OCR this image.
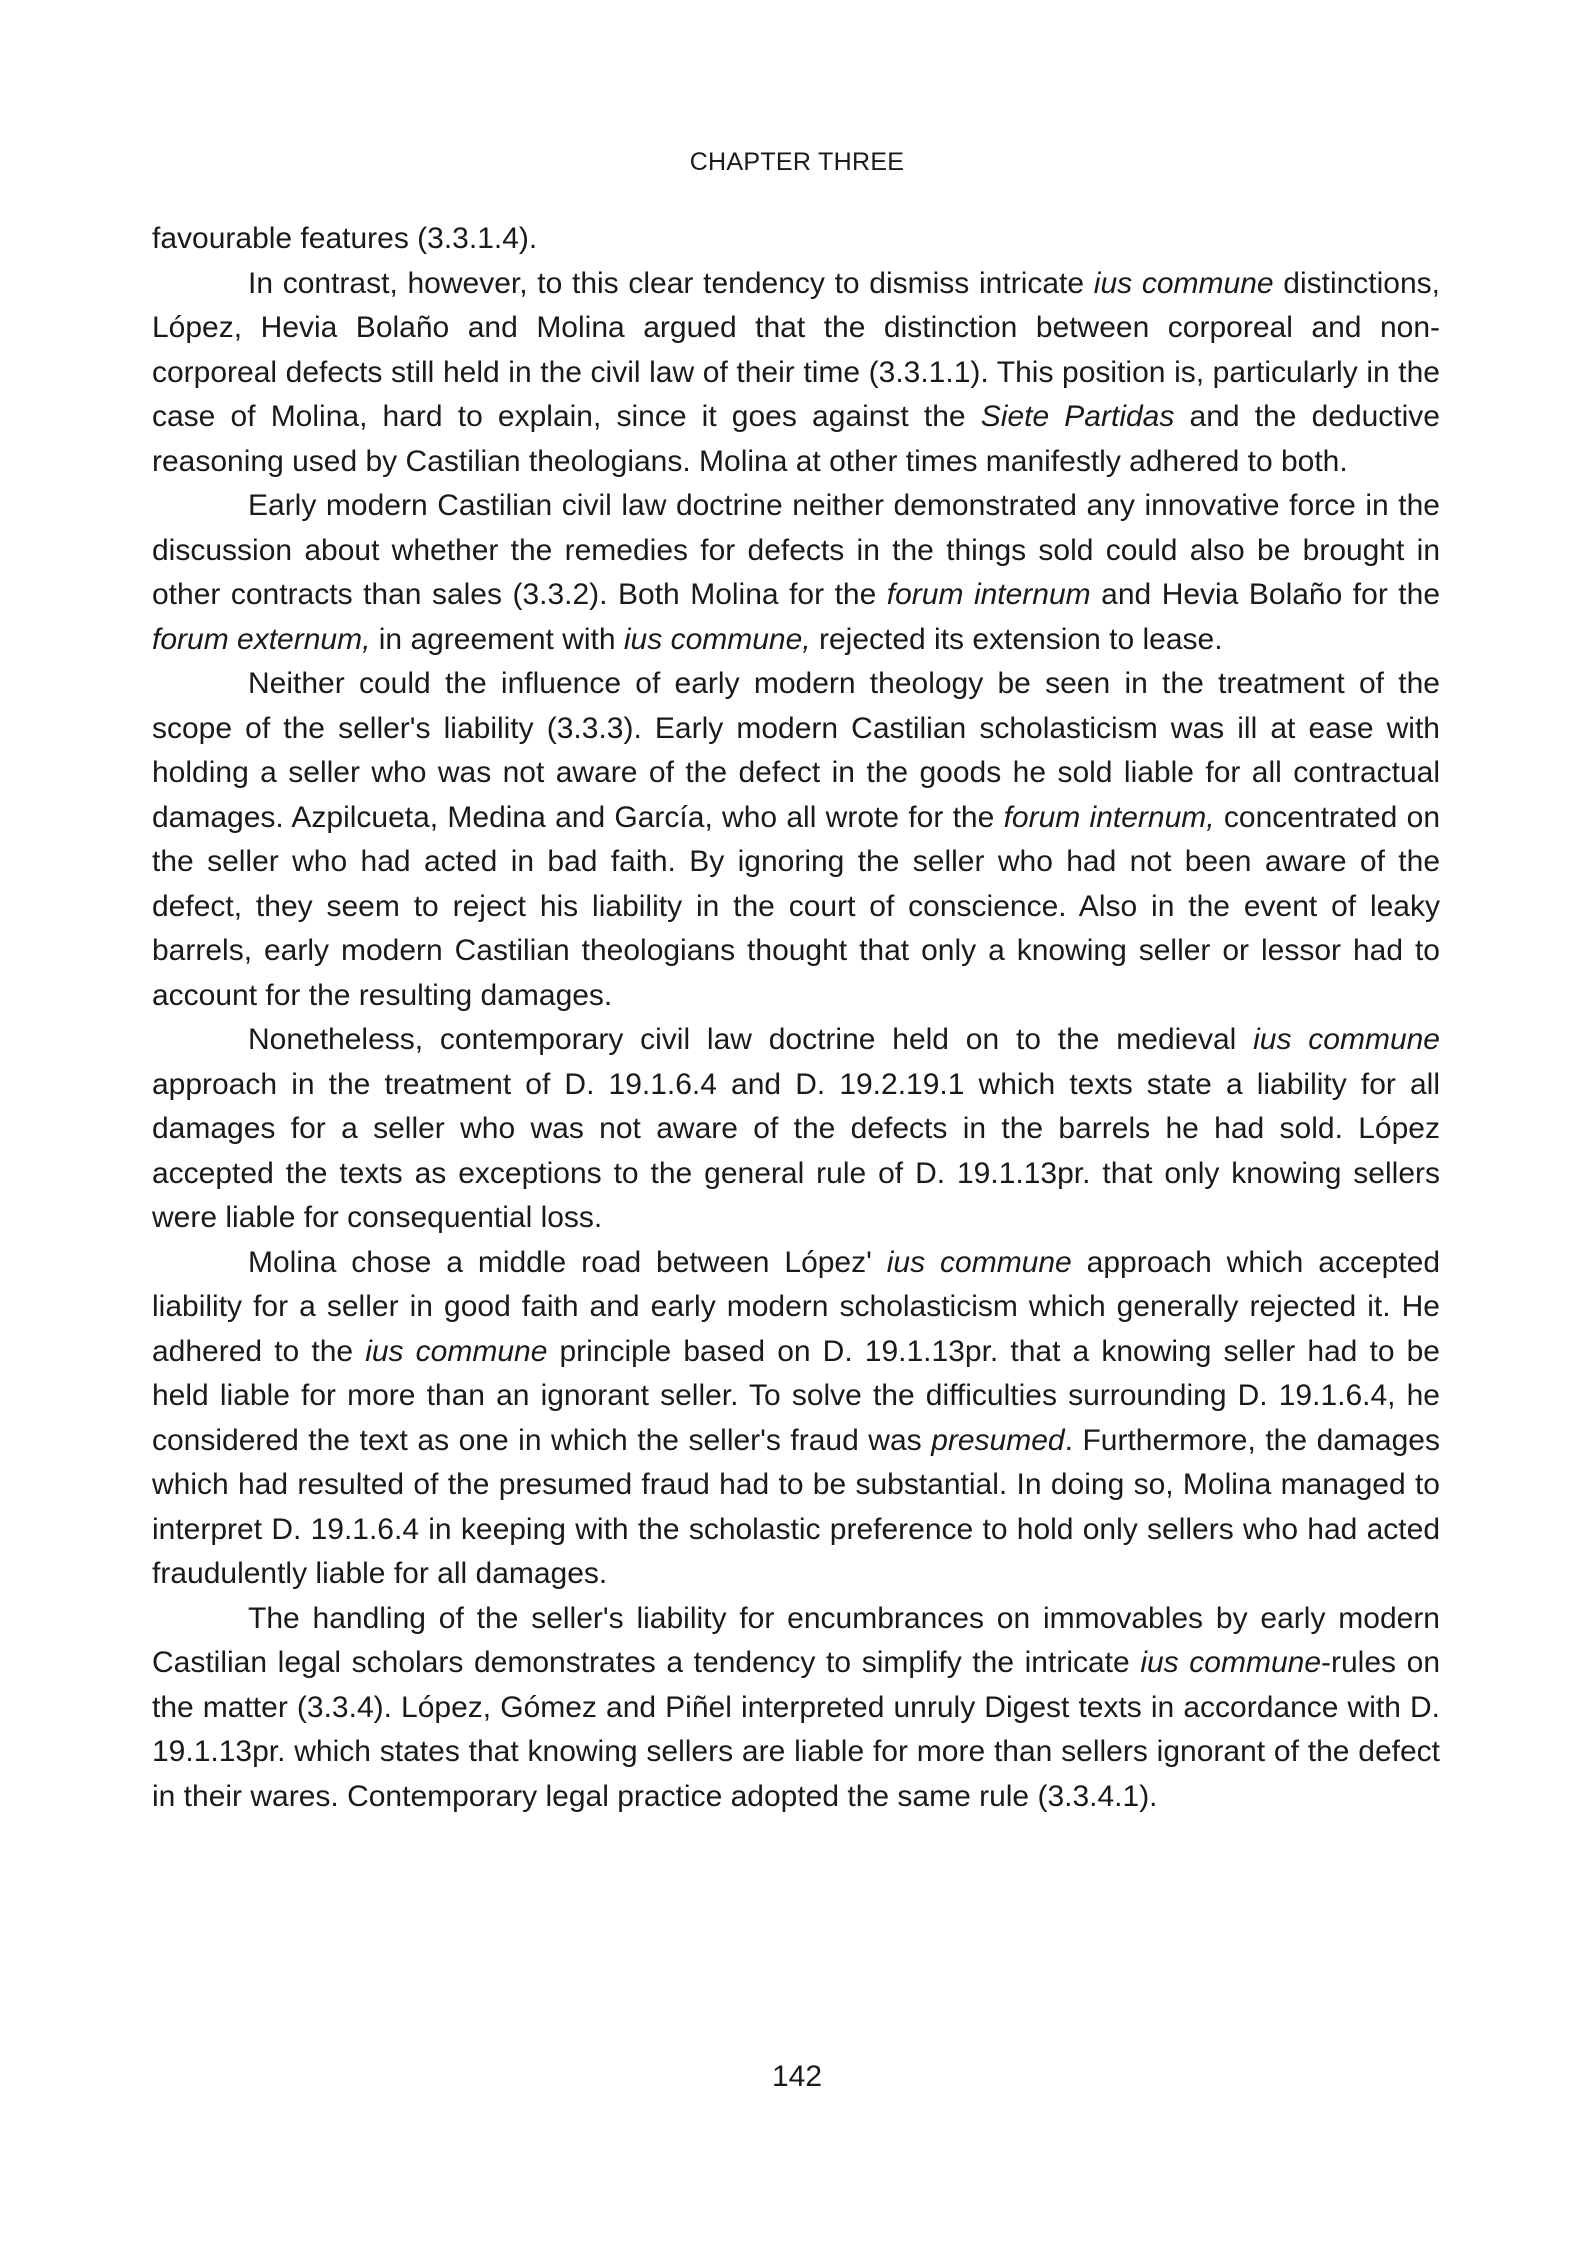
CHAPTER THREE

favourable features (3.3.1.4).

In contrast, however, to this clear tendency to dismiss intricate ius commune distinctions, López, Hevia Bolaño and Molina argued that the distinction between corporeal and non-corporeal defects still held in the civil law of their time (3.3.1.1). This position is, particularly in the case of Molina, hard to explain, since it goes against the Siete Partidas and the deductive reasoning used by Castilian theologians. Molina at other times manifestly adhered to both.

Early modern Castilian civil law doctrine neither demonstrated any innovative force in the discussion about whether the remedies for defects in the things sold could also be brought in other contracts than sales (3.3.2). Both Molina for the forum internum and Hevia Bolaño for the forum externum, in agreement with ius commune, rejected its extension to lease.

Neither could the influence of early modern theology be seen in the treatment of the scope of the seller's liability (3.3.3). Early modern Castilian scholasticism was ill at ease with holding a seller who was not aware of the defect in the goods he sold liable for all contractual damages. Azpilcueta, Medina and García, who all wrote for the forum internum, concentrated on the seller who had acted in bad faith. By ignoring the seller who had not been aware of the defect, they seem to reject his liability in the court of conscience. Also in the event of leaky barrels, early modern Castilian theologians thought that only a knowing seller or lessor had to account for the resulting damages.

Nonetheless, contemporary civil law doctrine held on to the medieval ius commune approach in the treatment of D. 19.1.6.4 and D. 19.2.19.1 which texts state a liability for all damages for a seller who was not aware of the defects in the barrels he had sold. López accepted the texts as exceptions to the general rule of D. 19.1.13pr. that only knowing sellers were liable for consequential loss.

Molina chose a middle road between López' ius commune approach which accepted liability for a seller in good faith and early modern scholasticism which generally rejected it. He adhered to the ius commune principle based on D. 19.1.13pr. that a knowing seller had to be held liable for more than an ignorant seller. To solve the difficulties surrounding D. 19.1.6.4, he considered the text as one in which the seller's fraud was presumed. Furthermore, the damages which had resulted of the presumed fraud had to be substantial. In doing so, Molina managed to interpret D. 19.1.6.4 in keeping with the scholastic preference to hold only sellers who had acted fraudulently liable for all damages.

The handling of the seller's liability for encumbrances on immovables by early modern Castilian legal scholars demonstrates a tendency to simplify the intricate ius commune-rules on the matter (3.3.4). López, Gómez and Piñel interpreted unruly Digest texts in accordance with D. 19.1.13pr. which states that knowing sellers are liable for more than sellers ignorant of the defect in their wares. Contemporary legal practice adopted the same rule (3.3.4.1).

142
